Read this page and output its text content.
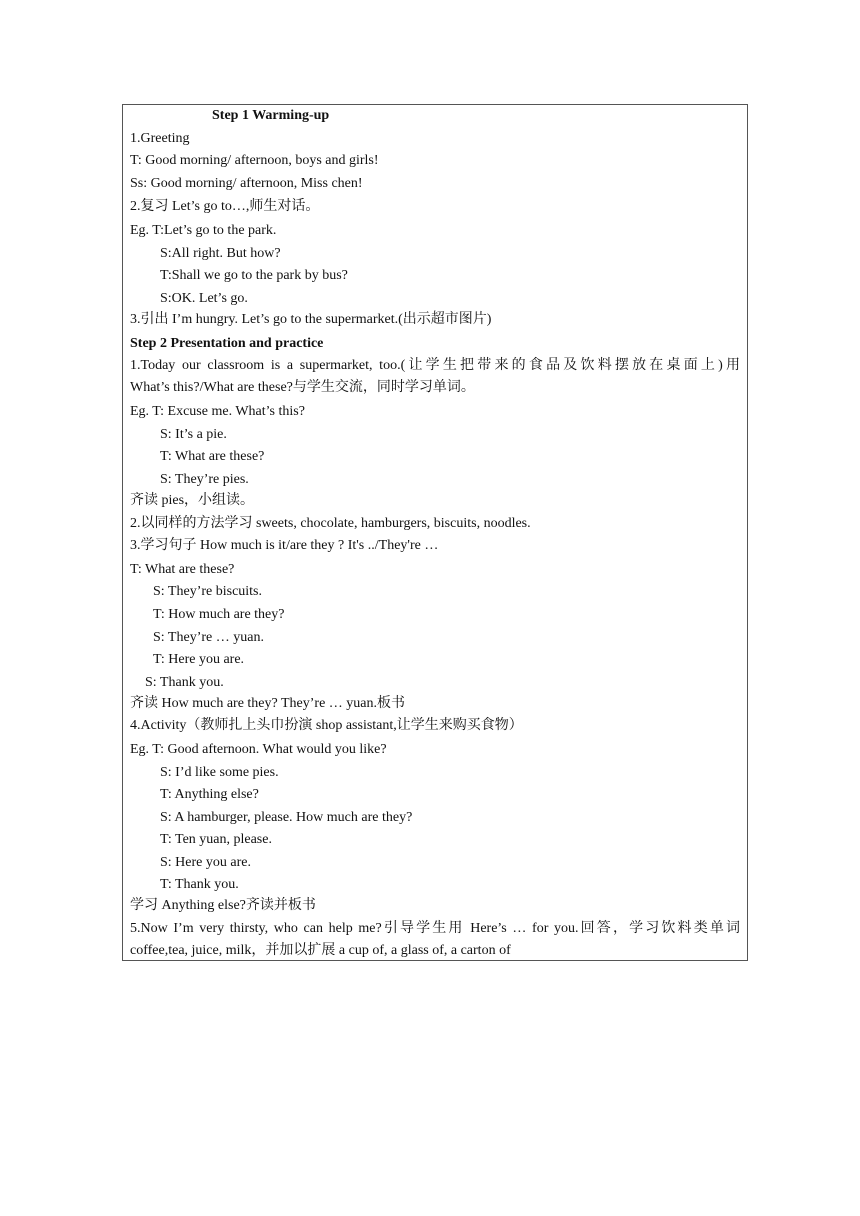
Step 1 Warming-up
1.Greeting
T: Good morning/ afternoon, boys and girls!
Ss: Good morning/ afternoon, Miss chen!
2.复习 Let’s go to…,师生对话。
Eg. T:Let’s go to the park.
S:All right. But how?
T:Shall we go to the park by bus?
S:OK. Let’s go.
3.引出 I’m hungry. Let’s go to the supermarket.(出示超市图片)
Step 2 Presentation and practice
1.Today our classroom is a supermarket, too.(让学生把带来的食品及饮料摆放在桌面上)用
What’s this?/What are these?与学生交流，同时学习单词。
Eg. T: Excuse me. What’s this?
S: It’s a pie.
T: What are these?
S: They’re pies.
齐读 pies，小组读。
2.以同样的方法学习 sweets, chocolate, hamburgers, biscuits, noodles.
3.学习句子 How much is it/are they ? It's ../They're …
T: What are these?
S: They’re biscuits.
T: How much are they?
S: They’re … yuan.
T: Here you are.
S: Thank you.
齐读 How much are they? They’re … yuan.板书
4.Activity（教师扎上头巾扮演 shop assistant,让学生来购买食物）
Eg. T: Good afternoon. What would you like?
S: I’d like some pies.
T: Anything else?
S: A hamburger, please. How much are they?
T: Ten yuan, please.
S: Here you are.
T: Thank you.
学习 Anything else?齐读并板书
5.Now I’m very thirsty, who can help me?引导学生用 Here’s … for you.回答，学习饮料类单词
coffee,tea, juice, milk，并加以扩展 a cup of, a glass of, a carton of
